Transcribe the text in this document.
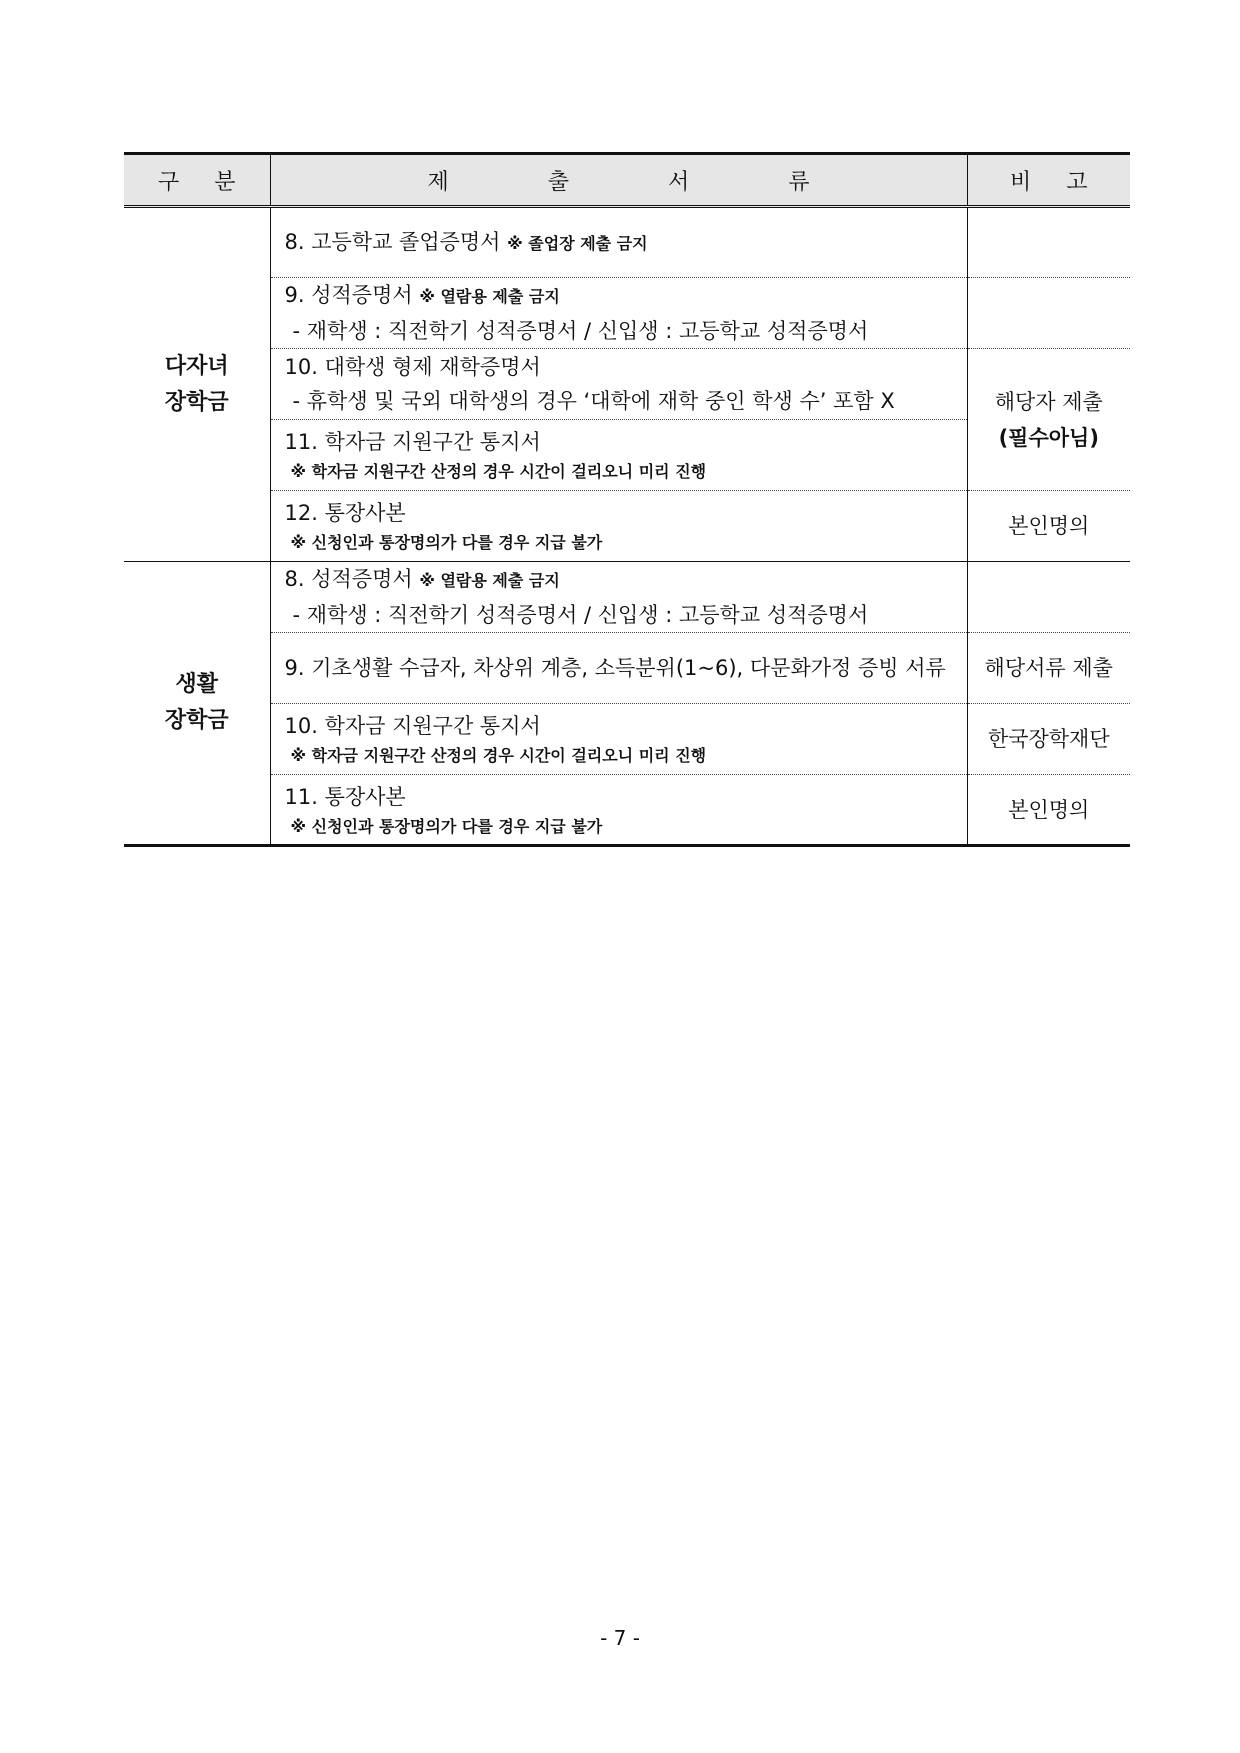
구 분	제 출 서 류	비 고

다자녀
장학금	8. 고등학교 졸업증명서 ※ 졸업장 제출 금지	

	9. 성적증명서 ※ 열람용 제출 금지
- 재학생 : 직전학기 성적증명서 / 신입생 : 고등학교 성적증명서	

	10. 대학생 형제 재학증명서
- 휴학생 및 국외 대학생의 경우 ‘대학에 재학 중인 학생 수’ 포함 X	해당자 제출
(필수아님)

	11. 학자금 지원구간 통지서
※ 학자금 지원구간 산정의 경우 시간이 걸리오니 미리 진행	

	12. 통장사본
※ 신청인과 통장명의가 다를 경우 지급 불가	본인명의

생활
장학금	8. 성적증명서 ※ 열람용 제출 금지
- 재학생 : 직전학기 성적증명서 / 신입생 : 고등학교 성적증명서	

	9. 기초생활 수급자, 차상위 계층, 소득분위(1~6), 다문화가정 증빙 서류	해당서류 제출

	10. 학자금 지원구간 통지서
※ 학자금 지원구간 산정의 경우 시간이 걸리오니 미리 진행	한국장학재단

	11. 통장사본
※ 신청인과 통장명의가 다를 경우 지급 불가	본인명의
- 7 -
